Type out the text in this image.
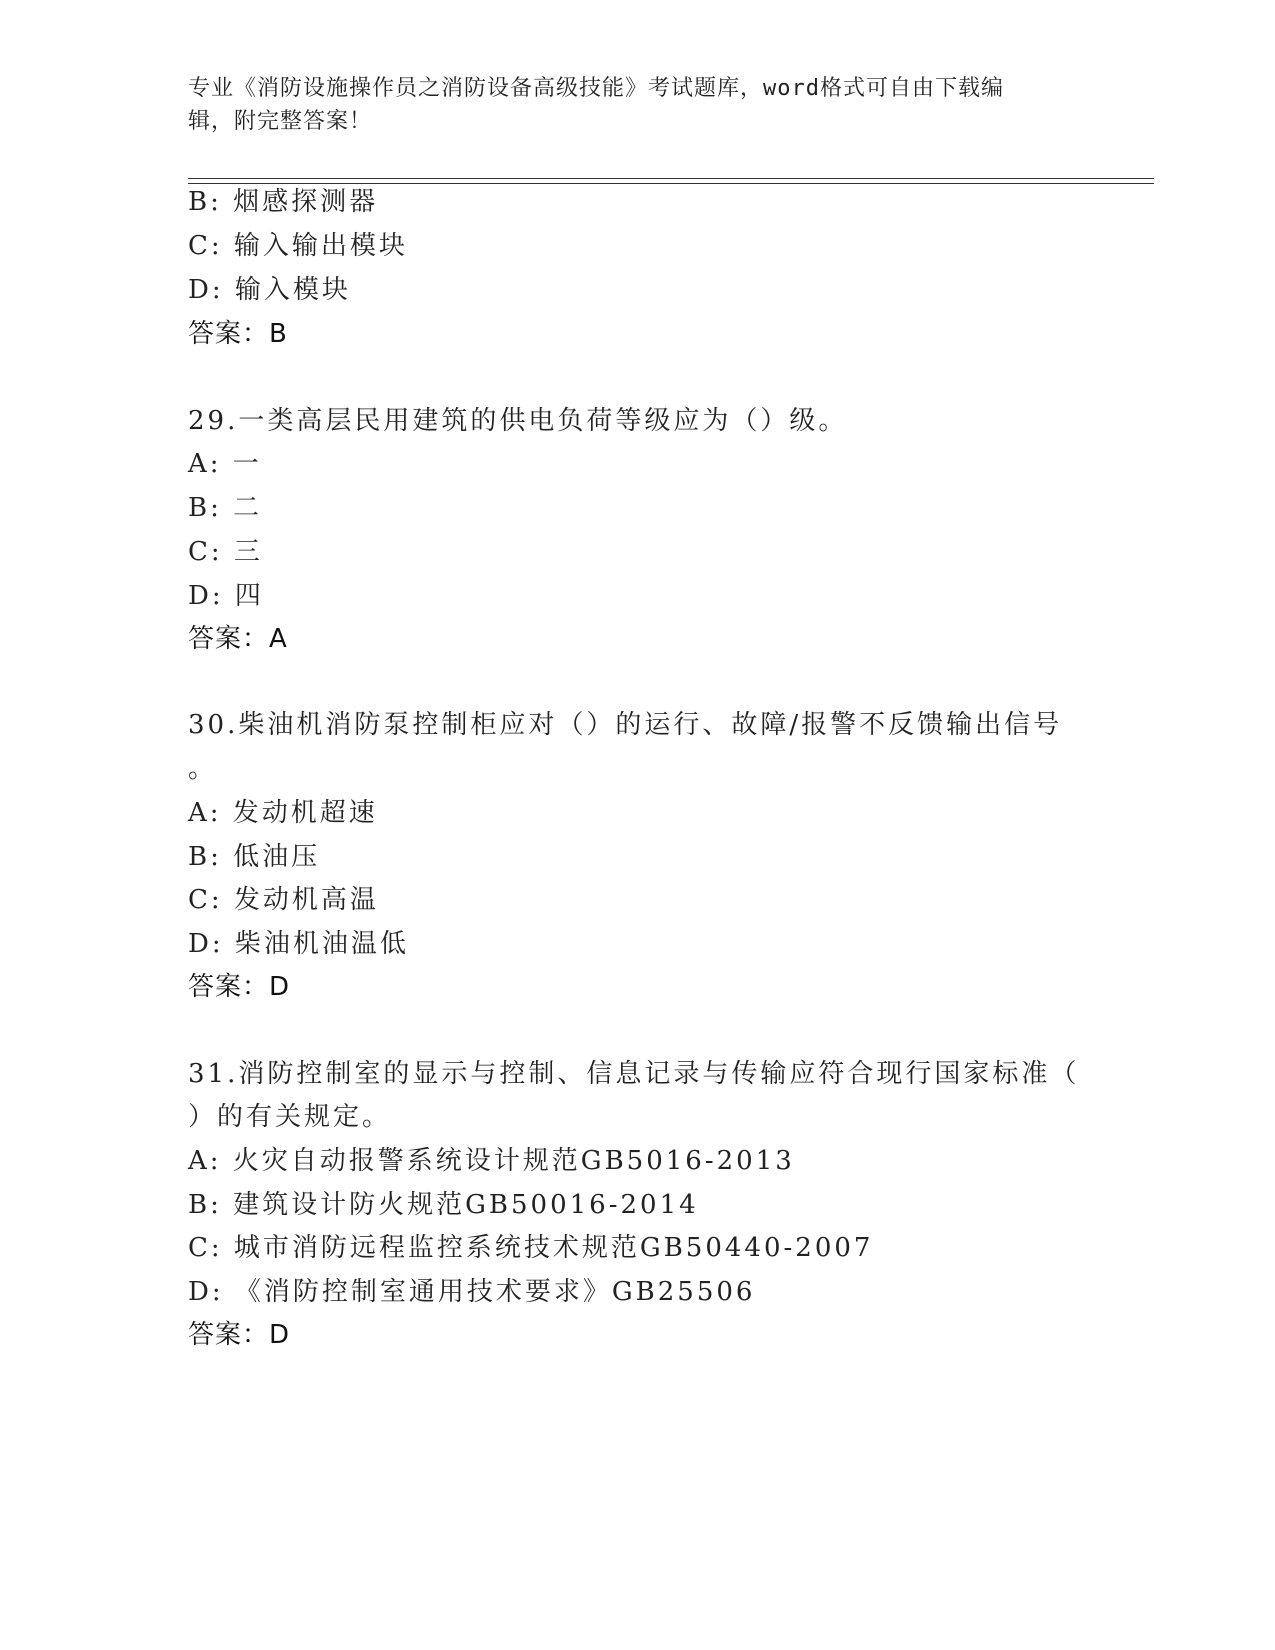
专业《消防设施操作员之消防设备高级技能》考试题库，word格式可自由下载编
辑，附完整答案！
B: 烟感探测器
C: 输入输出模块
D: 输入模块
答案：B
29.一类高层民用建筑的供电负荷等级应为（）级。
A: 一
B: 二
C: 三
D: 四
答案：A
30.柴油机消防泵控制柜应对（）的运行、故障/报警不反馈输出信号
。
A: 发动机超速
B: 低油压
C: 发动机高温
D: 柴油机油温低
答案：D
31.消防控制室的显示与控制、信息记录与传输应符合现行国家标准（
）的有关规定。
A: 火灾自动报警系统设计规范GB5016-2013
B: 建筑设计防火规范GB50016-2014
C: 城市消防远程监控系统技术规范GB50440-2007
D: 《消防控制室通用技术要求》GB25506
答案：D
